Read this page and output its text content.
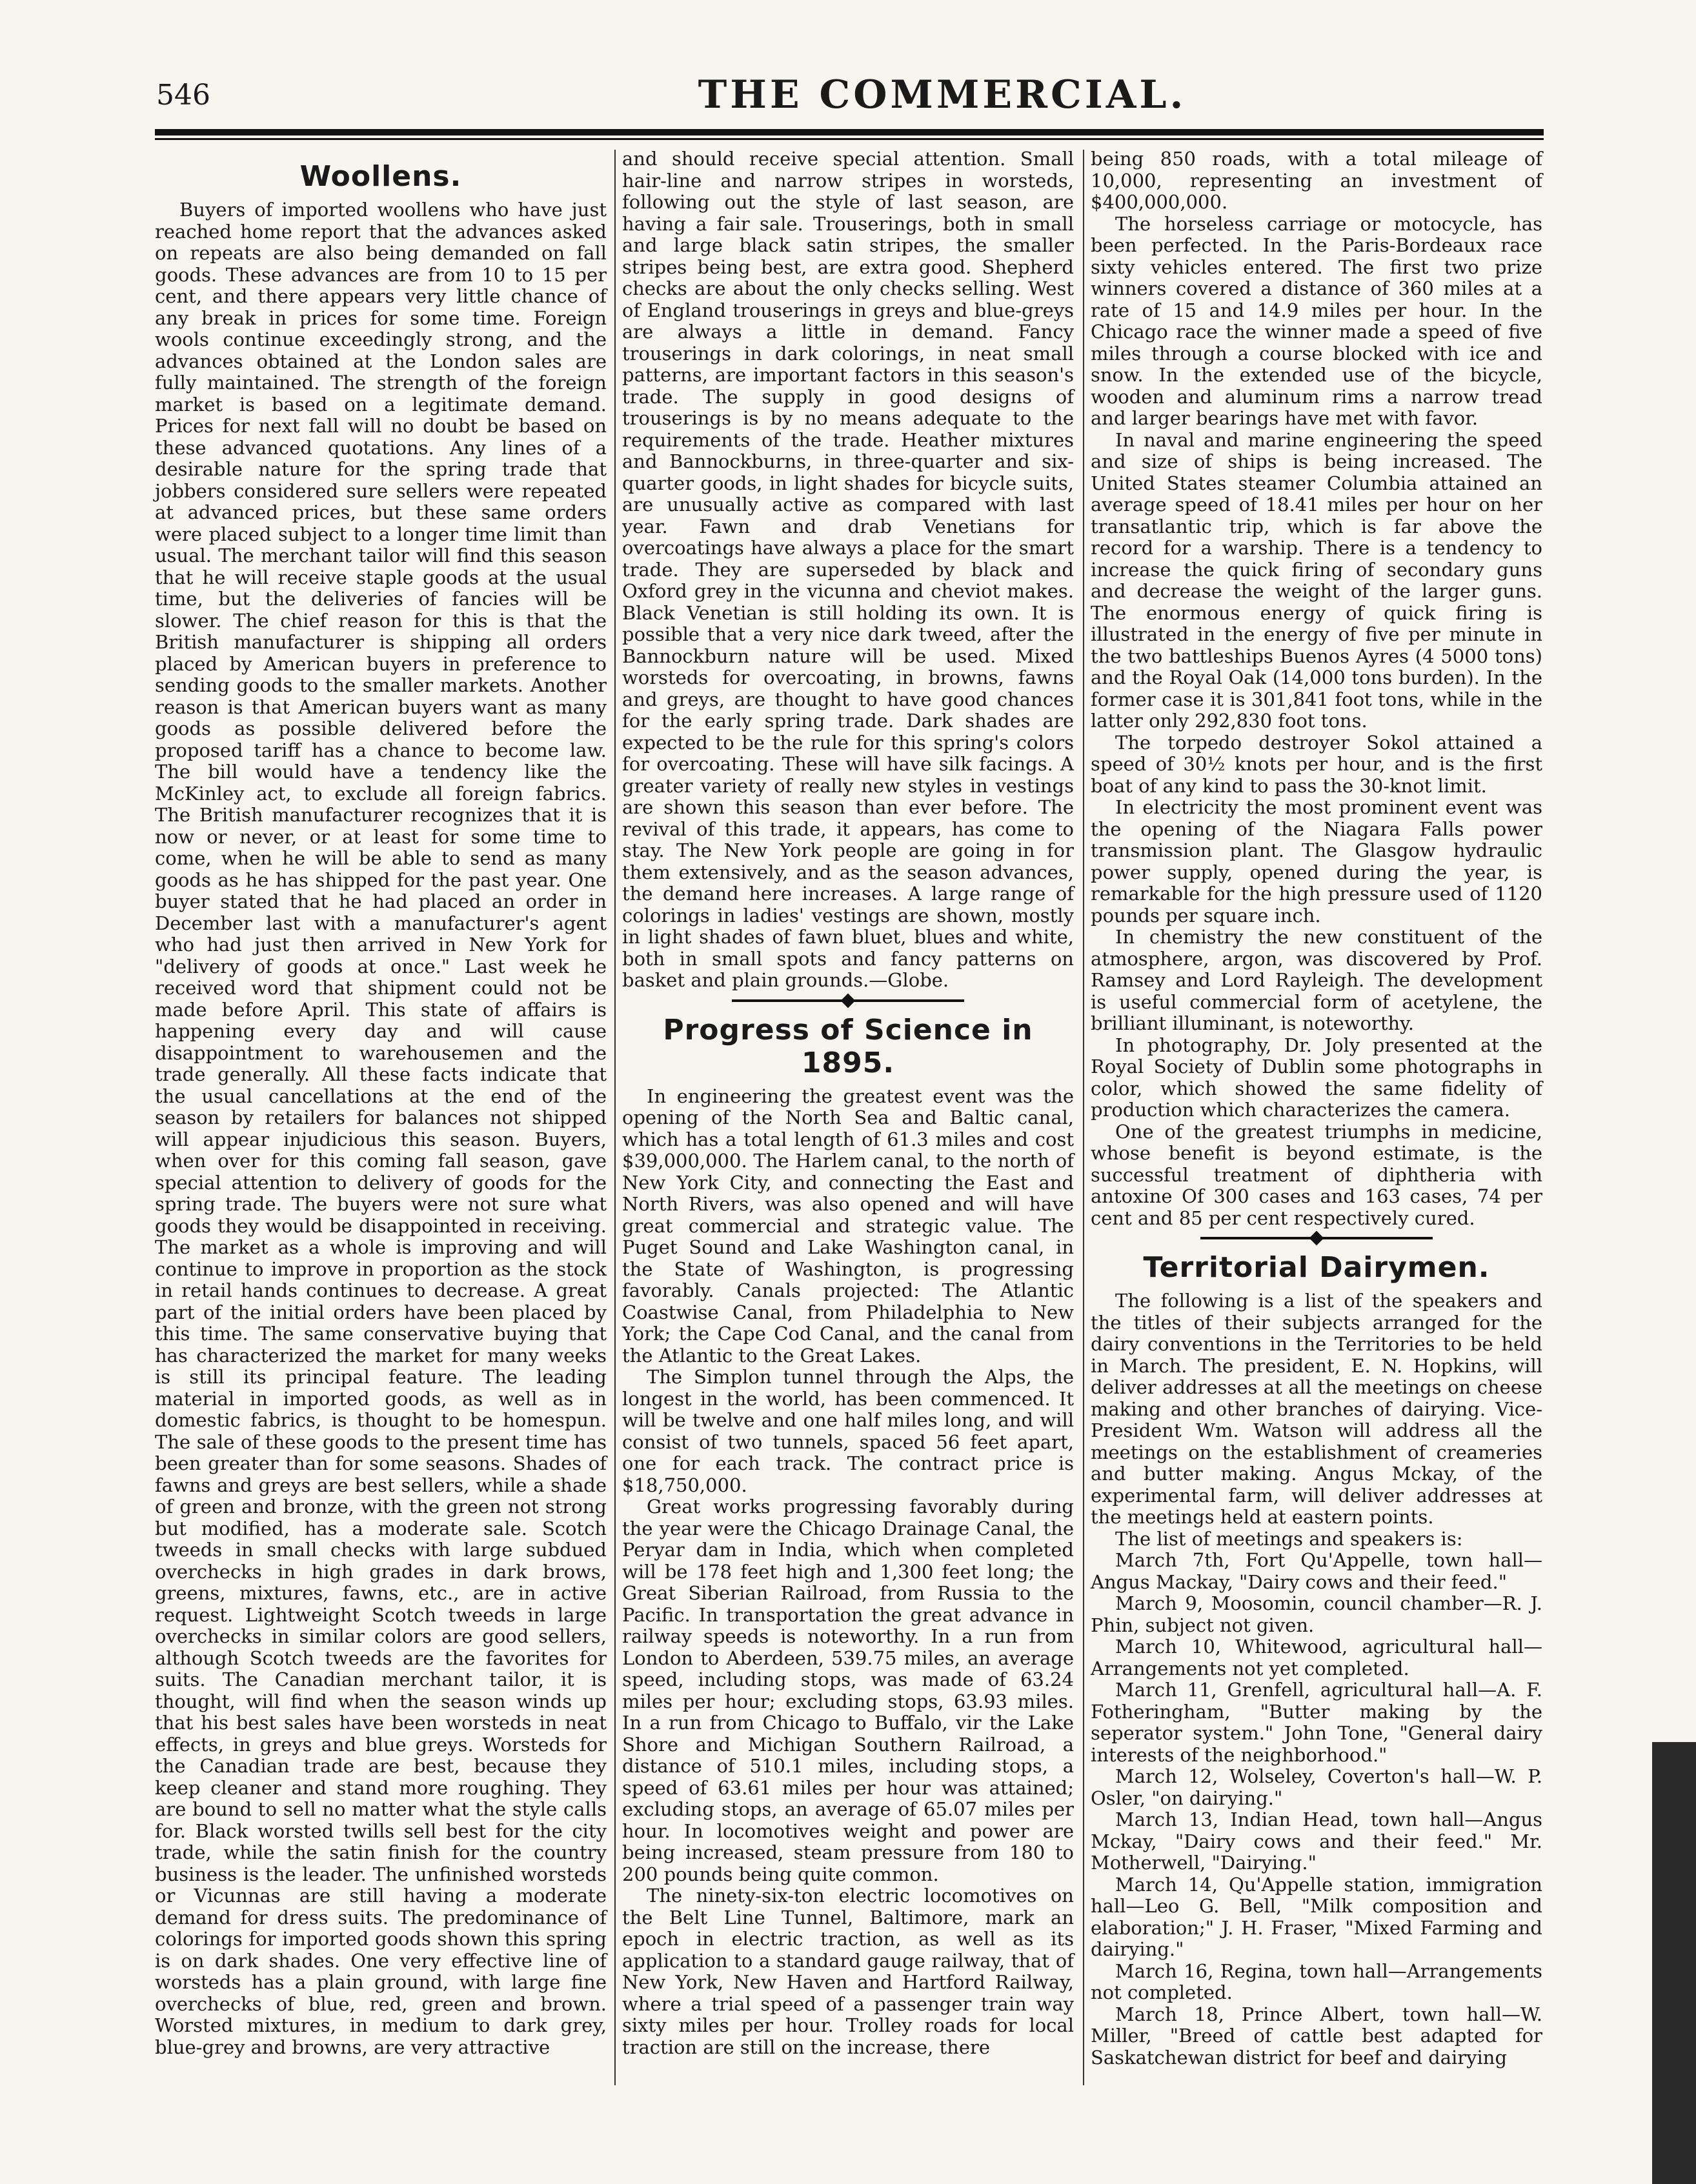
546	THE COMMERCIAL.
Woollens.

Buyers of imported woollens who have just reached home report that the advances asked on repeats are also being demanded on fall goods. These advances are from 10 to 15 per cent, and there appears very little chance of any break in prices for some time. Foreign wools continue exceedingly strong, and the advances obtained at the London sales are fully maintained. The strength of the foreign market is based on a legitimate demand. Prices for next fall will no doubt be based on these advanced quotations. Any lines of a desirable nature for the spring trade that jobbers considered sure sellers were repeated at advanced prices, but these same orders were placed subject to a longer time limit than usual. The merchant tailor will find this season that he will receive staple goods at the usual time, but the deliveries of fancies will be slower. The chief reason for this is that the British manufacturer is shipping all orders placed by American buyers in preference to sending goods to the smaller markets. Another reason is that American buyers want as many goods as possible delivered before the proposed tariff has a chance to become law. The bill would have a tendency like the McKinley act, to exclude all foreign fabrics. The British manufacturer recognizes that it is now or never, or at least for some time to come, when he will be able to send as many goods as he has shipped for the past year. One buyer stated that he had placed an order in December last with a manufacturer's agent who had just then arrived in New York for "delivery of goods at once." Last week he received word that shipment could not be made before April. This state of affairs is happening every day and will cause disappointment to warehousemen and the trade generally. All these facts indicate that the usual cancellations at the end of the season by retailers for balances not shipped will appear injudicious this season. Buyers, when over for this coming fall season, gave special attention to delivery of goods for the spring trade. The buyers were not sure what goods they would be disappointed in receiving. The market as a whole is improving and will continue to improve in proportion as the stock in retail hands continues to decrease. A great part of the initial orders have been placed by this time. The same conservative buying that has characterized the market for many weeks is still its principal feature. The leading material in imported goods, as well as in domestic fabrics, is thought to be homespun. The sale of these goods to the present time has been greater than for some seasons. Shades of fawns and greys are best sellers, while a shade of green and bronze, with the green not strong but modified, has a moderate sale. Scotch tweeds in small checks with large subdued overchecks in high grades in dark brows, greens, mixtures, fawns, etc., are in active request. Lightweight Scotch tweeds in large overchecks in similar colors are good sellers, although Scotch tweeds are the favorites for suits. The Canadian merchant tailor, it is thought, will find when the season winds up that his best sales have been worsteds in neat effects, in greys and blue greys. Worsteds for the Canadian trade are best, because they keep cleaner and stand more roughing. They are bound to sell no matter what the style calls for. Black worsted twills sell best for the city trade, while the satin finish for the country business is the leader. The unfinished worsteds or Vicunnas are still having a moderate demand for dress suits. The predominance of colorings for imported goods shown this spring is on dark shades. One very effective line of worsteds has a plain ground, with large fine overchecks of blue, red, green and brown. Worsted mixtures, in medium to dark grey, blue-grey and browns, are very attractive

and should receive special attention. Small hair-line and narrow stripes in worsteds, following out the style of last season, are having a fair sale. Trouserings, both in small and large black satin stripes, the smaller stripes being best, are extra good. Shepherd checks are about the only checks selling. West of England trouserings in greys and blue-greys are always a little in demand. Fancy trouserings in dark colorings, in neat small patterns, are important factors in this season's trade. The supply in good designs of trouserings is by no means adequate to the requirements of the trade. Heather mixtures and Bannockburns, in three-quarter and six-quarter goods, in light shades for bicycle suits, are unusually active as compared with last year. Fawn and drab Venetians for overcoatings have always a place for the smart trade. They are superseded by black and Oxford grey in the vicunna and cheviot makes. Black Venetian is still holding its own. It is possible that a very nice dark tweed, after the Bannockburn nature will be used. Mixed worsteds for overcoating, in browns, fawns and greys, are thought to have good chances for the early spring trade. Dark shades are expected to be the rule for this spring's colors for overcoating. These will have silk facings. A greater variety of really new styles in vestings are shown this season than ever before. The revival of this trade, it appears, has come to stay. The New York people are going in for them extensively, and as the season advances, the demand here increases. A large range of colorings in ladies' vestings are shown, mostly in light shades of fawn bluet, blues and white, both in small spots and fancy patterns on basket and plain grounds.—Globe.

Progress of Science in 1895.

In engineering the greatest event was the opening of the North Sea and Baltic canal, which has a total length of 61.3 miles and cost $39,000,000. The Harlem canal, to the north of New York City, and connecting the East and North Rivers, was also opened and will have great commercial and strategic value. The Puget Sound and Lake Washington canal, in the State of Washington, is progressing favorably. Canals projected: The Atlantic Coastwise Canal, from Philadelphia to New York; the Cape Cod Canal, and the canal from the Atlantic to the Great Lakes.

The Simplon tunnel through the Alps, the longest in the world, has been commenced. It will be twelve and one half miles long, and will consist of two tunnels, spaced 56 feet apart, one for each track. The contract price is $18,750,000.

Great works progressing favorably during the year were the Chicago Drainage Canal, the Peryar dam in India, which when completed will be 178 feet high and 1,300 feet long; the Great Siberian Railroad, from Russia to the Pacific. In transportation the great advance in railway speeds is noteworthy. In a run from London to Aberdeen, 539.75 miles, an average speed, including stops, was made of 63.24 miles per hour; excluding stops, 63.93 miles. In a run from Chicago to Buffalo, vir the Lake Shore and Michigan Southern Railroad, a distance of 510.1 miles, including stops, a speed of 63.61 miles per hour was attained; excluding stops, an average of 65.07 miles per hour. In locomotives weight and power are being increased, steam pressure from 180 to 200 pounds being quite common.

The ninety-six-ton electric locomotives on the Belt Line Tunnel, Baltimore, mark an epoch in electric traction, as well as its application to a standard gauge railway, that of New York, New Haven and Hartford Railway, where a trial speed of a passenger train way sixty miles per hour. Trolley roads for local traction are still on the increase, there

being 850 roads, with a total mileage of 10,000, representing an investment of $400,000,000.

The horseless carriage or motocycle, has been perfected. In the Paris-Bordeaux race sixty vehicles entered. The first two prize winners covered a distance of 360 miles at a rate of 15 and 14.9 miles per hour. In the Chicago race the winner made a speed of five miles through a course blocked with ice and snow. In the extended use of the bicycle, wooden and aluminum rims a narrow tread and larger bearings have met with favor.

In naval and marine engineering the speed and size of ships is being increased. The United States steamer Columbia attained an average speed of 18.41 miles per hour on her transatlantic trip, which is far above the record for a warship. There is a tendency to increase the quick firing of secondary guns and decrease the weight of the larger guns. The enormous energy of quick firing is illustrated in the energy of five per minute in the two battleships Buenos Ayres (4 5000 tons) and the Royal Oak (14,000 tons burden). In the former case it is 301,841 foot tons, while in the latter only 292,830 foot tons.

The torpedo destroyer Sokol attained a speed of 30½ knots per hour, and is the first boat of any kind to pass the 30-knot limit.

In electricity the most prominent event was the opening of the Niagara Falls power transmission plant. The Glasgow hydraulic power supply, opened during the year, is remarkable for the high pressure used of 1120 pounds per square inch.

In chemistry the new constituent of the atmosphere, argon, was discovered by Prof. Ramsey and Lord Rayleigh. The development is useful commercial form of acetylene, the brilliant illuminant, is noteworthy.

In photography, Dr. Joly presented at the Royal Society of Dublin some photographs in color, which showed the same fidelity of production which characterizes the camera.

One of the greatest triumphs in medicine, whose benefit is beyond estimate, is the successful treatment of diphtheria with antoxine Of 300 cases and 163 cases, 74 per cent and 85 per cent respectively cured.

Territorial Dairymen.

The following is a list of the speakers and the titles of their subjects arranged for the dairy conventions in the Territories to be held in March. The president, E. N. Hopkins, will deliver addresses at all the meetings on cheese making and other branches of dairying. Vice-President Wm. Watson will address all the meetings on the establishment of creameries and butter making. Angus Mckay, of the experimental farm, will deliver addresses at the meetings held at eastern points.

The list of meetings and speakers is:

March 7th, Fort Qu'Appelle, town hall—Angus Mackay, "Dairy cows and their feed."

March 9, Moosomin, council chamber—R. J. Phin, subject not given.

March 10, Whitewood, agricultural hall—Arrangements not yet completed.

March 11, Grenfell, agricultural hall—A. F. Fotheringham, "Butter making by the seperator system." John Tone, "General dairy interests of the neighborhood."

March 12, Wolseley, Coverton's hall—W. P. Osler, "on dairying."

March 13, Indian Head, town hall—Angus Mckay, "Dairy cows and their feed." Mr. Motherwell, "Dairying."

March 14, Qu'Appelle station, immigration hall—Leo G. Bell, "Milk composition and elaboration;" J. H. Fraser, "Mixed Farming and dairying."

March 16, Regina, town hall—Arrangements not completed.

March 18, Prince Albert, town hall—W. Miller, "Breed of cattle best adapted for Saskatchewan district for beef and dairying
